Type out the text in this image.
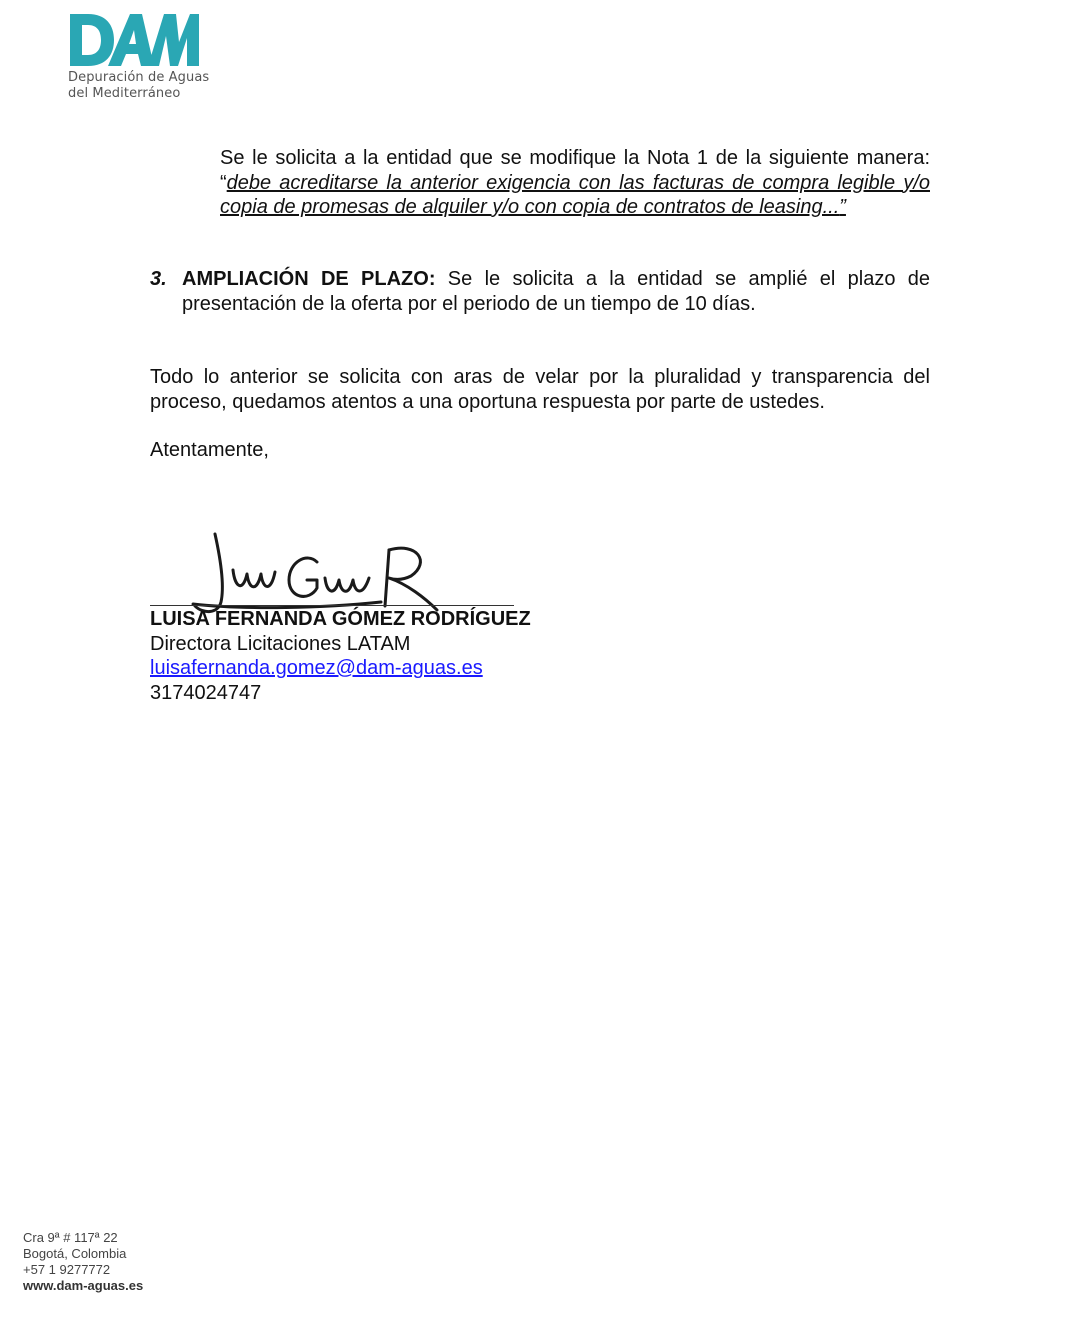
Depuración de Aguas
del Mediterráneo

Se le solicita a la entidad que se modifique la Nota 1 de la siguiente manera: “debe acreditarse la anterior exigencia con las facturas de compra legible y/o copia de promesas de alquiler y/o con copia de contratos de leasing...”

3. AMPLIACIÓN DE PLAZO: Se le solicita a la entidad se amplié el plazo de presentación de la oferta por el periodo de un tiempo de 10 días.

Todo lo anterior se solicita con aras de velar por la pluralidad y transparencia del proceso, quedamos atentos a una oportuna respuesta por parte de ustedes.

Atentamente,

LUISA FERNANDA GÓMEZ RODRÍGUEZ
Directora Licitaciones LATAM
luisafernanda.gomez@dam-aguas.es
3174024747
Cra 9ª # 117ª 22
Bogotá, Colombia
+57 1 9277772
www.dam-aguas.es
